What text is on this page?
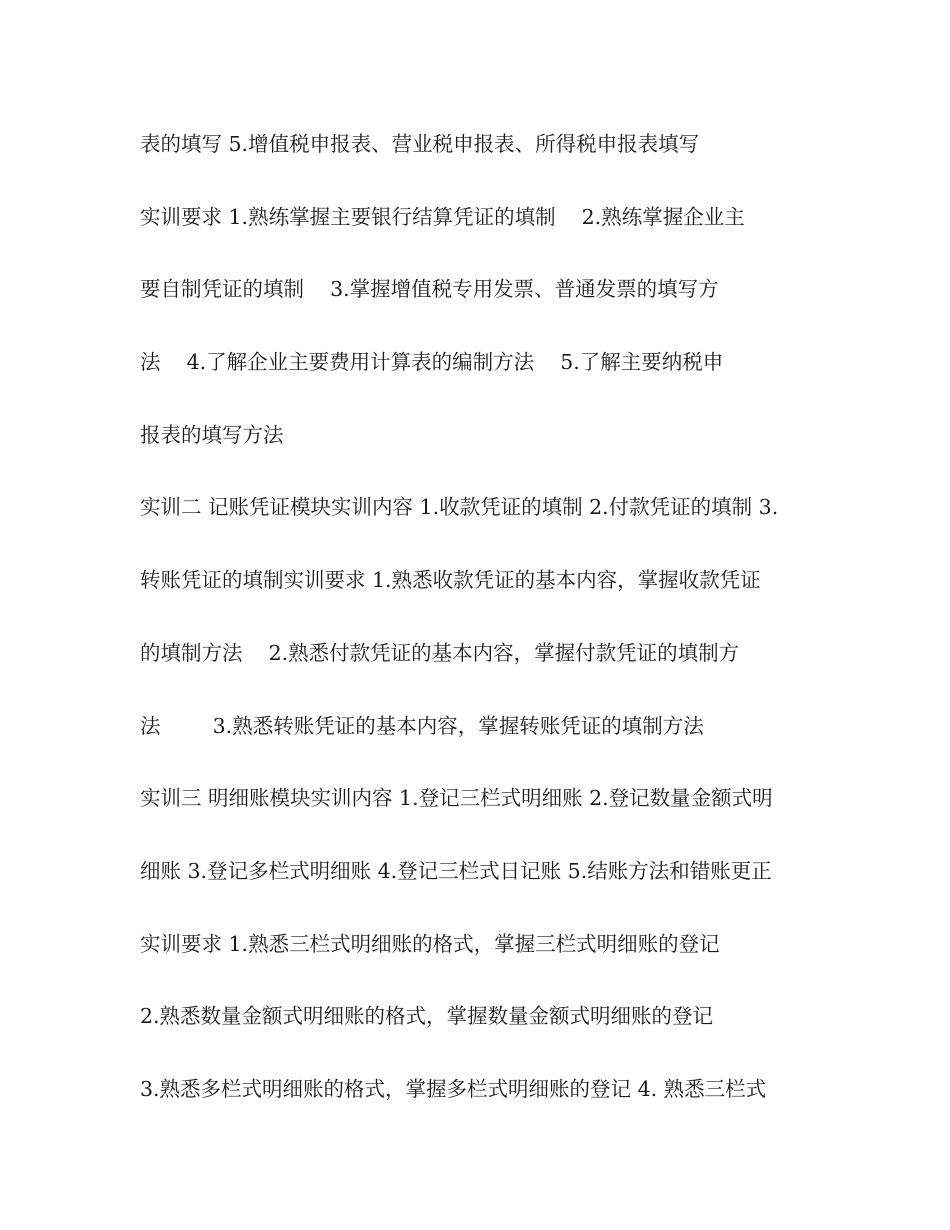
表的填写 5.增值税申报表、营业税申报表、所得税申报表填写
实训要求 1.熟练掌握主要银行结算凭证的填制    2.熟练掌握企业主
要自制凭证的填制    3.掌握增值税专用发票、普通发票的填写方
法    4.了解企业主要费用计算表的编制方法    5.了解主要纳税申
报表的填写方法
实训二 记账凭证模块实训内容 1.收款凭证的填制 2.付款凭证的填制 3.
转账凭证的填制实训要求 1.熟悉收款凭证的基本内容，掌握收款凭证
的填制方法    2.熟悉付款凭证的基本内容，掌握付款凭证的填制方
法        3.熟悉转账凭证的基本内容，掌握转账凭证的填制方法
实训三 明细账模块实训内容 1.登记三栏式明细账 2.登记数量金额式明
细账 3.登记多栏式明细账 4.登记三栏式日记账 5.结账方法和错账更正
实训要求 1.熟悉三栏式明细账的格式，掌握三栏式明细账的登记
2.熟悉数量金额式明细账的格式，掌握数量金额式明细账的登记
3.熟悉多栏式明细账的格式，掌握多栏式明细账的登记 4. 熟悉三栏式
